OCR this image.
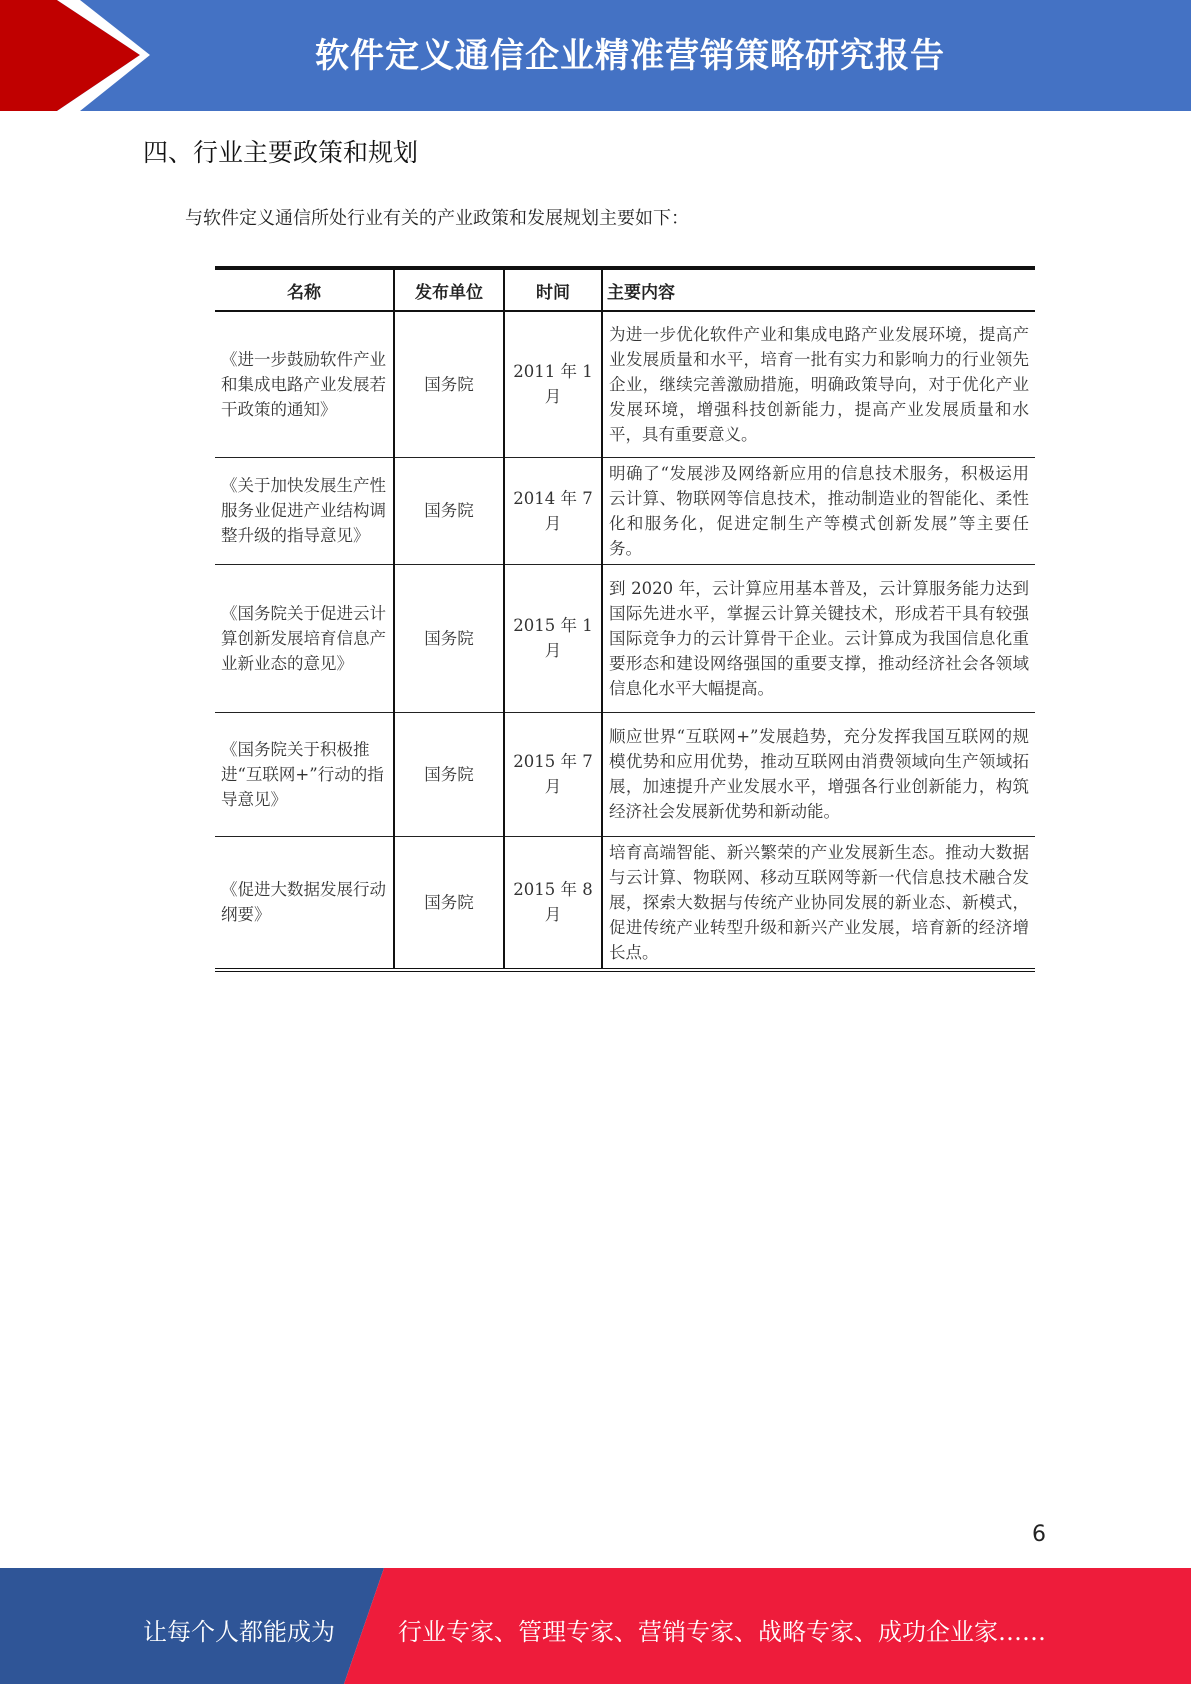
软件定义通信企业精准营销策略研究报告
四、行业主要政策和规划
与软件定义通信所处行业有关的产业政策和发展规划主要如下：
名称	发布单位	时间	主要内容
《进一步鼓励软件产业和集成电路产业发展若干政策的通知》	国务院	2011 年 1 月	为进一步优化软件产业和集成电路产业发展环境，提高产业发展质量和水平，培育一批有实力和影响力的行业领先企业，继续完善激励措施，明确政策导向，对于优化产业发展环境，增强科技创新能力，提高产业发展质量和水平，具有重要意义。
《关于加快发展生产性服务业促进产业结构调整升级的指导意见》	国务院	2014 年 7 月	明确了“发展涉及网络新应用的信息技术服务，积极运用云计算、物联网等信息技术，推动制造业的智能化、柔性化和服务化，促进定制生产等模式创新发展”等主要任务。
《国务院关于促进云计算创新发展培育信息产业新业态的意见》	国务院	2015 年 1 月	到 2020 年，云计算应用基本普及，云计算服务能力达到国际先进水平，掌握云计算关键技术，形成若干具有较强国际竞争力的云计算骨干企业。云计算成为我国信息化重要形态和建设网络强国的重要支撑，推动经济社会各领域信息化水平大幅提高。
《国务院关于积极推进“互联网+”行动的指导意见》	国务院	2015 年 7 月	顺应世界“互联网+”发展趋势，充分发挥我国互联网的规模优势和应用优势，推动互联网由消费领域向生产领域拓展，加速提升产业发展水平，增强各行业创新能力，构筑经济社会发展新优势和新动能。
《促进大数据发展行动纲要》	国务院	2015 年 8 月	培育高端智能、新兴繁荣的产业发展新生态。推动大数据与云计算、物联网、移动互联网等新一代信息技术融合发展，探索大数据与传统产业协同发展的新业态、新模式，促进传统产业转型升级和新兴产业发展，培育新的经济增长点。
6
让每个人都能成为	行业专家、管理专家、营销专家、战略专家、成功企业家……
